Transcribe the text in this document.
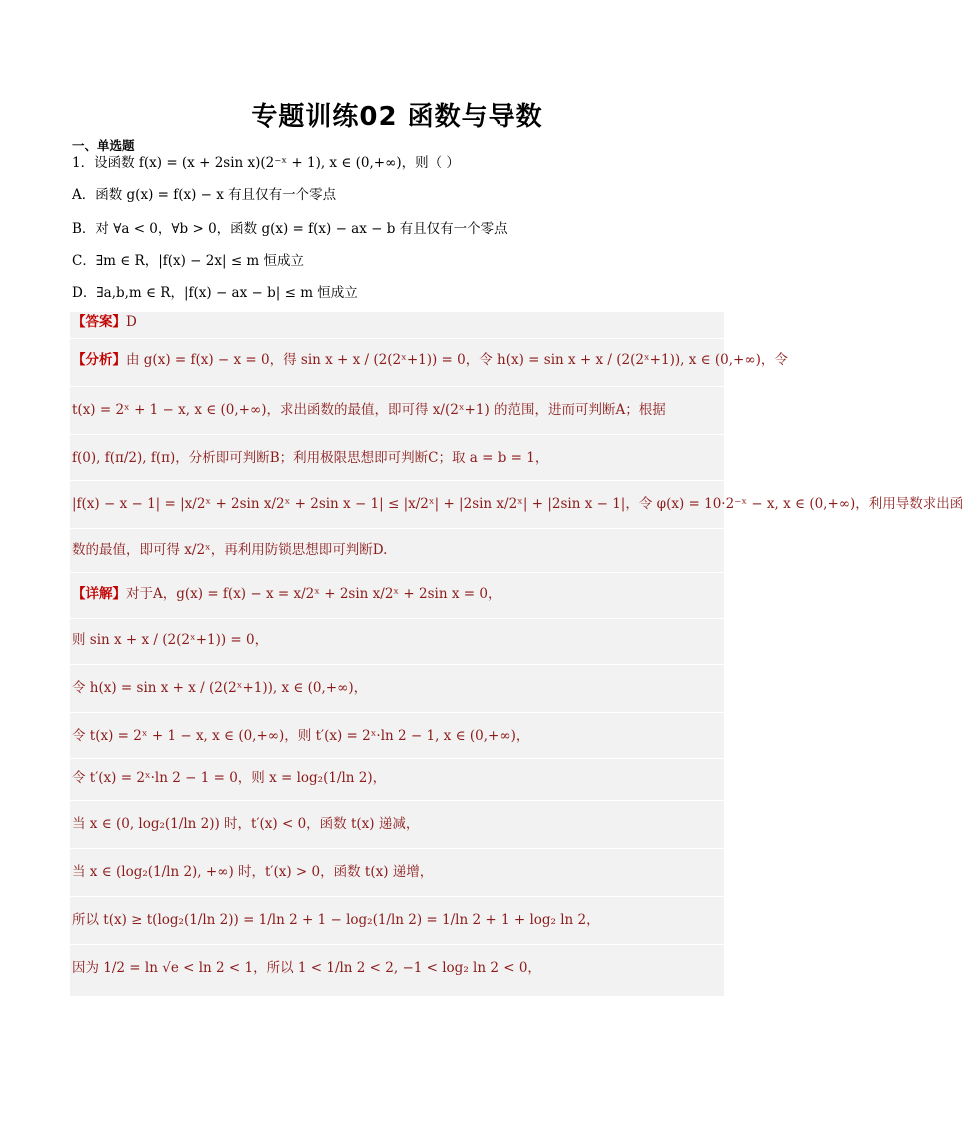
专题训练02 函数与导数
一、单选题
1．设函数 f(x) = (x + 2sin x)(2⁻ˣ + 1), x ∈ (0,+∞)，则（ ）
A．函数 g(x) = f(x) − x 有且仅有一个零点
B．对 ∀a < 0，∀b > 0，函数 g(x) = f(x) − ax − b 有且仅有一个零点
C．∃m ∈ R，|f(x) − 2x| ≤ m 恒成立
D．∃a,b,m ∈ R，|f(x) − ax − b| ≤ m 恒成立
【答案】D
【分析】由 g(x) = f(x) − x = 0，得 sin x + x / (2(2ˣ+1)) = 0，令 h(x) = sin x + x / (2(2ˣ+1)), x ∈ (0,+∞)，令
t(x) = 2ˣ + 1 − x, x ∈ (0,+∞)，求出函数的最值，即可得 x/(2ˣ+1) 的范围，进而可判断A；根据
f(0), f(π/2), f(π)，分析即可判断B；利用极限思想即可判断C；取 a = b = 1，
|f(x) − x − 1| = |x/2ˣ + 2sin x/2ˣ + 2sin x − 1| ≤ |x/2ˣ| + |2sin x/2ˣ| + |2sin x − 1|，令 φ(x) = 10·2⁻ˣ − x, x ∈ (0,+∞)，利用导数求出函
数的最值，即可得 x/2ˣ，再利用防锁思想即可判断D.
【详解】对于A，g(x) = f(x) − x = x/2ˣ + 2sin x/2ˣ + 2sin x = 0，
则 sin x + x / (2(2ˣ+1)) = 0，
令 h(x) = sin x + x / (2(2ˣ+1)), x ∈ (0,+∞)，
令 t(x) = 2ˣ + 1 − x, x ∈ (0,+∞)，则 t′(x) = 2ˣ·ln 2 − 1, x ∈ (0,+∞)，
令 t′(x) = 2ˣ·ln 2 − 1 = 0，则 x = log₂(1/ln 2)，
当 x ∈ (0, log₂(1/ln 2)) 时，t′(x) < 0，函数 t(x) 递减，
当 x ∈ (log₂(1/ln 2), +∞) 时，t′(x) > 0，函数 t(x) 递增，
所以 t(x) ≥ t(log₂(1/ln 2)) = 1/ln 2 + 1 − log₂(1/ln 2) = 1/ln 2 + 1 + log₂ ln 2，
因为 1/2 = ln √e < ln 2 < 1，所以 1 < 1/ln 2 < 2, −1 < log₂ ln 2 < 0，
